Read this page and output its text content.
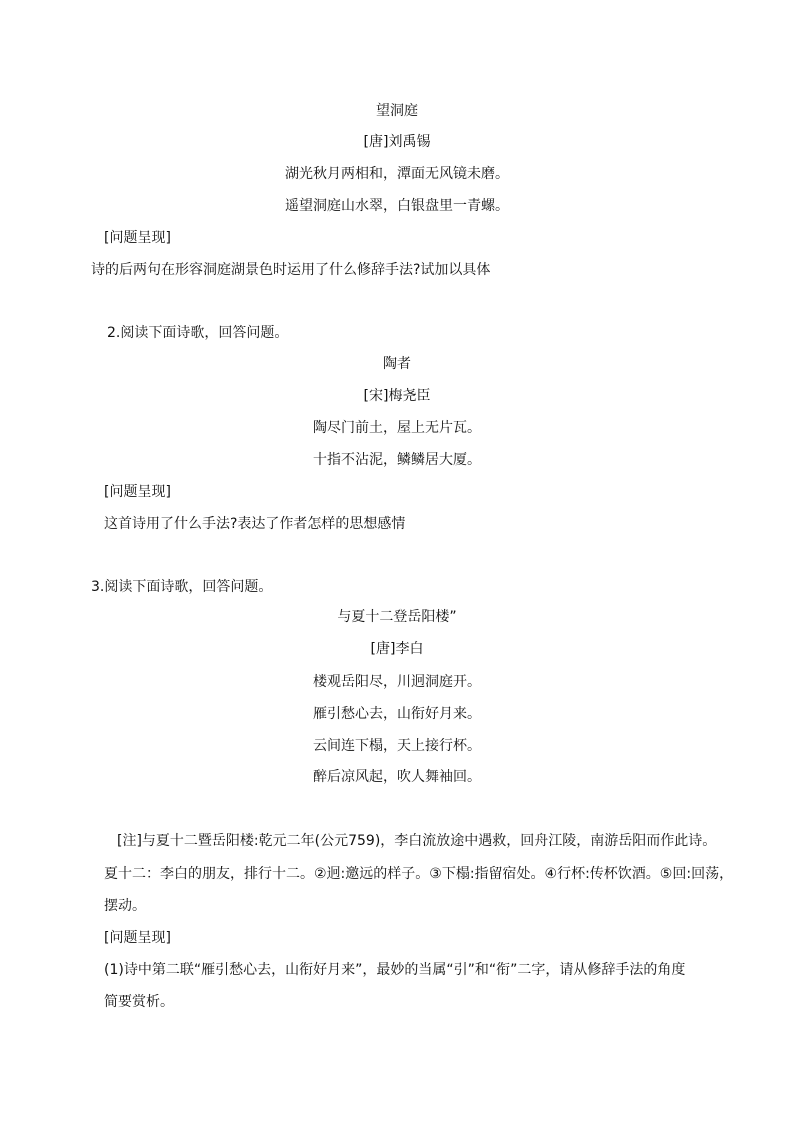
望洞庭
[唐]刘禹锡
湖光秋月两相和，潭面无风镜未磨。
遥望洞庭山水翠，白银盘里一青螺。
[问题呈现]
诗的后两句在形容洞庭湖景色时运用了什么修辞手法?试加以具体
2.阅读下面诗歌，回答问题。
陶者
[宋]梅尧臣
陶尽门前土，屋上无片瓦。
十指不沾泥，鳞鳞居大厦。
[问题呈现]
这首诗用了什么手法?表达了作者怎样的思想感情
3.阅读下面诗歌，回答问题。
与夏十二登岳阳楼”
[唐]李白
楼观岳阳尽，川迥洞庭开。
雁引愁心去，山衔好月来。
云间连下榻，天上接行杯。
醉后凉风起，吹人舞袖回。
[注]与夏十二暨岳阳楼:乾元二年(公元759)，李白流放途中遇救，回舟江陵，南游岳阳而作此诗。
夏十二：李白的朋友，排行十二。②迥:邀远的样子。③下榻:指留宿处。④行杯:传杯饮酒。⑤回:回荡，
摆动。
[问题呈现]
(1)诗中第二联“雁引愁心去，山衔好月来”，最妙的当属“引”和“衔”二字，请从修辞手法的角度
简要赏析。
